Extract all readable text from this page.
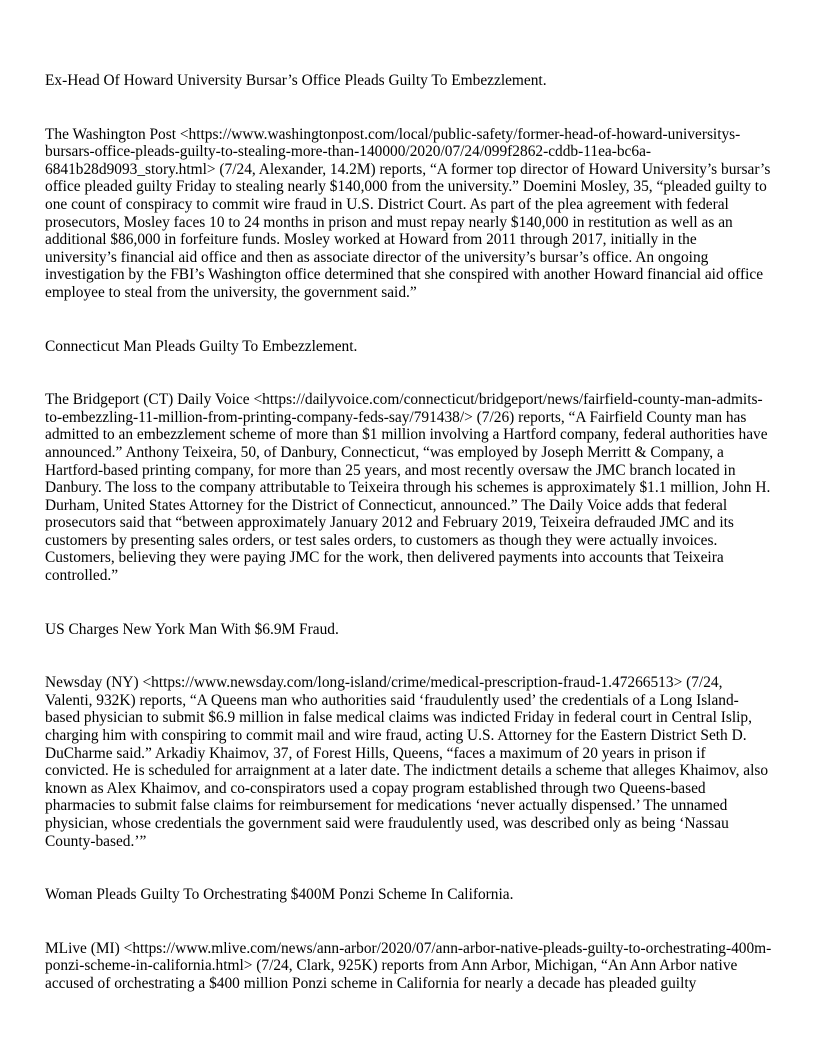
Ex-Head Of Howard University Bursar’s Office Pleads Guilty To Embezzlement.

The Washington Post <https://www.washingtonpost.com/local/public-safety/former-head-of-howard-universitys-bursars-office-pleads-guilty-to-stealing-more-than-140000/2020/07/24/099f2862-cddb-11ea-bc6a-6841b28d9093_story.html> (7/24, Alexander, 14.2M) reports, “A former top director of Howard University’s bursar’s office pleaded guilty Friday to stealing nearly $140,000 from the university.” Doemini Mosley, 35, “pleaded guilty to one count of conspiracy to commit wire fraud in U.S. District Court. As part of the plea agreement with federal prosecutors, Mosley faces 10 to 24 months in prison and must repay nearly $140,000 in restitution as well as an additional $86,000 in forfeiture funds. Mosley worked at Howard from 2011 through 2017, initially in the university’s financial aid office and then as associate director of the university’s bursar’s office. An ongoing investigation by the FBI’s Washington office determined that she conspired with another Howard financial aid office employee to steal from the university, the government said.”

Connecticut Man Pleads Guilty To Embezzlement.

The Bridgeport (CT) Daily Voice <https://dailyvoice.com/connecticut/bridgeport/news/fairfield-county-man-admits-to-embezzling-11-million-from-printing-company-feds-say/791438/> (7/26) reports, “A Fairfield County man has admitted to an embezzlement scheme of more than $1 million involving a Hartford company, federal authorities have announced.” Anthony Teixeira, 50, of Danbury, Connecticut, “was employed by Joseph Merritt & Company, a Hartford-based printing company, for more than 25 years, and most recently oversaw the JMC branch located in Danbury. The loss to the company attributable to Teixeira through his schemes is approximately $1.1 million, John H. Durham, United States Attorney for the District of Connecticut, announced.” The Daily Voice adds that federal prosecutors said that “between approximately January 2012 and February 2019, Teixeira defrauded JMC and its customers by presenting sales orders, or test sales orders, to customers as though they were actually invoices. Customers, believing they were paying JMC for the work, then delivered payments into accounts that Teixeira controlled.”

US Charges New York Man With $6.9M Fraud.

Newsday (NY) <https://www.newsday.com/long-island/crime/medical-prescription-fraud-1.47266513> (7/24, Valenti, 932K) reports, “A Queens man who authorities said ‘fraudulently used’ the credentials of a Long Island-based physician to submit $6.9 million in false medical claims was indicted Friday in federal court in Central Islip, charging him with conspiring to commit mail and wire fraud, acting U.S. Attorney for the Eastern District Seth D. DuCharme said.” Arkadiy Khaimov, 37, of Forest Hills, Queens, “faces a maximum of 20 years in prison if convicted. He is scheduled for arraignment at a later date. The indictment details a scheme that alleges Khaimov, also known as Alex Khaimov, and co-conspirators used a copay program established through two Queens-based pharmacies to submit false claims for reimbursement for medications ‘never actually dispensed.’ The unnamed physician, whose credentials the government said were fraudulently used, was described only as being ‘Nassau County-based.’”

Woman Pleads Guilty To Orchestrating $400M Ponzi Scheme In California.

MLive (MI) <https://www.mlive.com/news/ann-arbor/2020/07/ann-arbor-native-pleads-guilty-to-orchestrating-400m-ponzi-scheme-in-california.html> (7/24, Clark, 925K) reports from Ann Arbor, Michigan, “An Ann Arbor native accused of orchestrating a $400 million Ponzi scheme in California for nearly a decade has pleaded guilty
